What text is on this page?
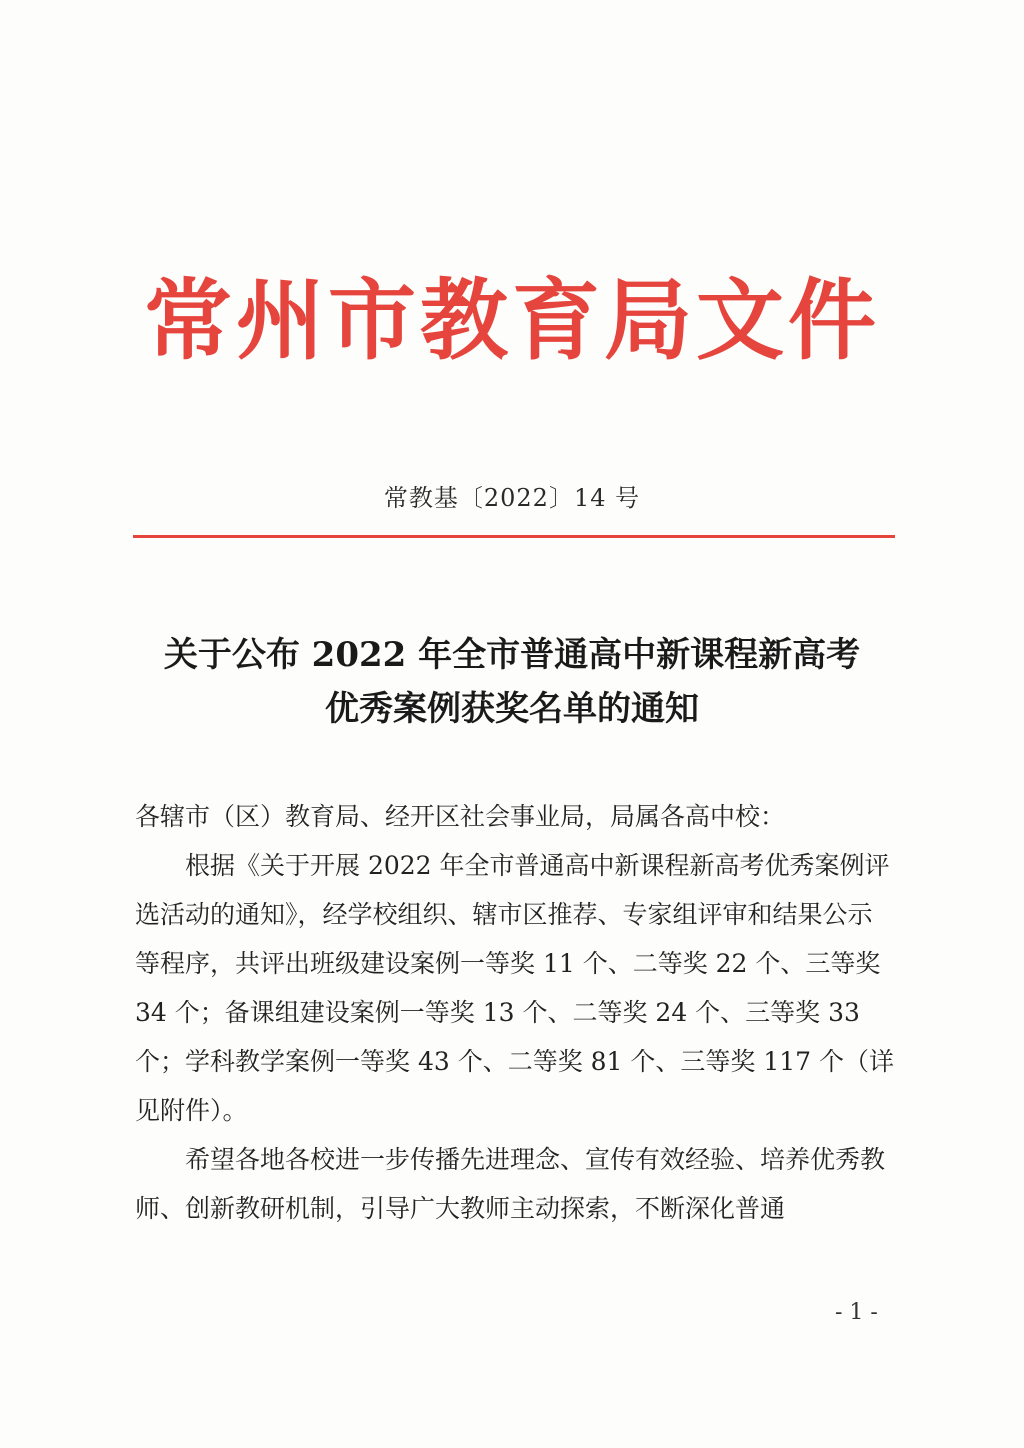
常州市教育局文件
常教基〔2022〕14 号
关于公布 2022 年全市普通高中新课程新高考
优秀案例获奖名单的通知

各辖市（区）教育局、经开区社会事业局，局属各高中校：

根据《关于开展 2022 年全市普通高中新课程新高考优秀案例评选活动的通知》，经学校组织、辖市区推荐、专家组评审和结果公示等程序，共评出班级建设案例一等奖 11 个、二等奖 22 个、三等奖 34 个；备课组建设案例一等奖 13 个、二等奖 24 个、三等奖 33 个；学科教学案例一等奖 43 个、二等奖 81 个、三等奖 117 个（详见附件）。

希望各地各校进一步传播先进理念、宣传有效经验、培养优秀教师、创新教研机制，引导广大教师主动探索，不断深化普通

- 1 -
